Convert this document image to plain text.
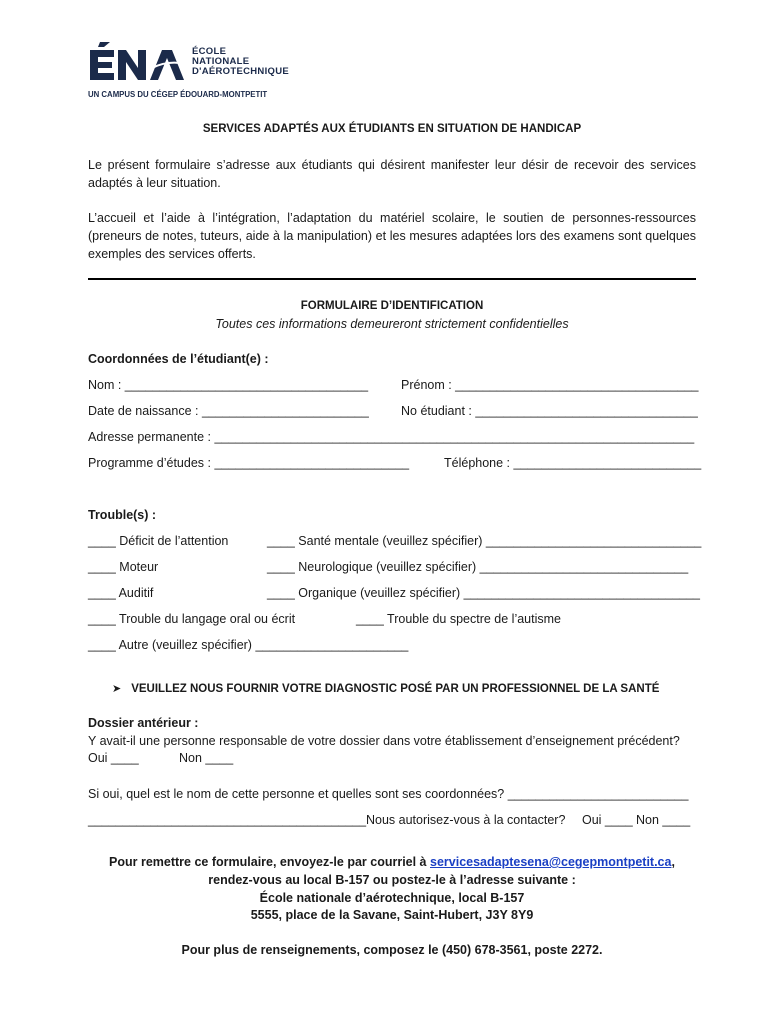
ÉCOLE
NATIONALE
D'AÉROTECHNIQUE
UN CAMPUS DU CÉGEP ÉDOUARD-MONTPETIT
SERVICES ADAPTÉS AUX ÉTUDIANTS EN SITUATION DE HANDICAP
Le présent formulaire s’adresse aux étudiants qui désirent manifester leur désir de recevoir des services adaptés à leur situation.
L’accueil et l’aide à l’intégration, l’adaptation du matériel scolaire, le soutien de personnes-ressources (preneurs de notes, tuteurs, aide à la manipulation) et les mesures adaptées lors des examens sont quelques exemples des services offerts.
FORMULAIRE D’IDENTIFICATION
Toutes ces informations demeureront strictement confidentielles
Coordonnées de l’étudiant(e) :
Nom : ___________________________________	Prénom : ___________________________________
Date de naissance : ________________________	No étudiant : ________________________________
Adresse permanente : _____________________________________________________________________
Programme d’études : ____________________________	Téléphone : ___________________________
Trouble(s) :
____ Déficit de l’attention	____ Santé mentale (veuillez spécifier) _______________________________
____ Moteur	____ Neurologique (veuillez spécifier) ______________________________
____ Auditif	____ Organique (veuillez spécifier) __________________________________
____ Trouble du langage oral ou écrit	____ Trouble du spectre de l’autisme
____ Autre (veuillez spécifier) ______________________
➤ VEUILLEZ NOUS FOURNIR VOTRE DIAGNOSTIC POSÉ PAR UN PROFESSIONNEL DE LA SANTÉ
Dossier antérieur :
Y avait-il une personne responsable de votre dossier dans votre établissement d’enseignement précédent?
Oui ____	Non ____
Si oui, quel est le nom de cette personne et quelles sont ses coordonnées? __________________________
________________________________________ Nous autorisez-vous à la contacter? Oui ____ Non ____
Pour remettre ce formulaire, envoyez-le par courriel à servicesadaptesena@cegepmontpetit.ca,
rendez-vous au local B-157 ou postez-le à l’adresse suivante :
École nationale d’aérotechnique, local B-157
5555, place de la Savane, Saint-Hubert, J3Y 8Y9
Pour plus de renseignements, composez le (450) 678-3561, poste 2272.
